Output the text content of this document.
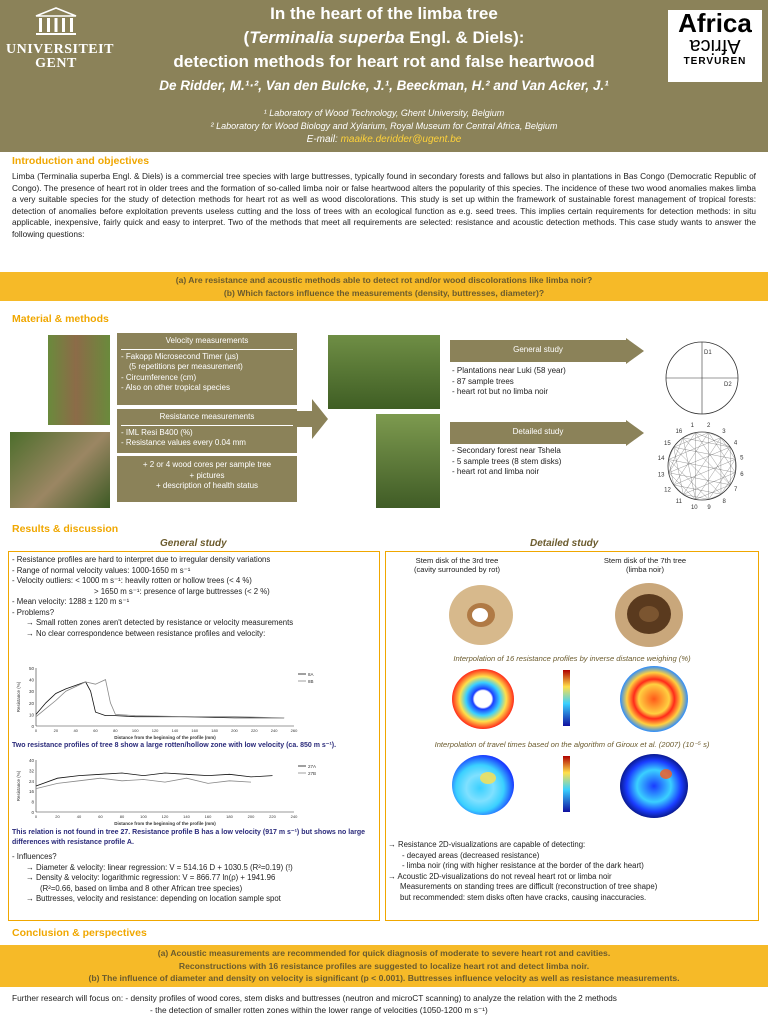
UNIVERSITEIT
GENT
Africa
Africa
TERVUREN
In the heart of the limba tree
(Terminalia superba Engl. & Diels):
detection methods for heart rot and false heartwood
De Ridder, M.¹·², Van den Bulcke, J.¹, Beeckman, H.² and Van Acker, J.¹
¹ Laboratory of Wood Technology, Ghent University, Belgium
² Laboratory for Wood Biology and Xylarium, Royal Museum for Central Africa, Belgium
E-mail: maaike.deridder@ugent.be
Introduction and objectives
Limba (Terminalia superba Engl. & Diels) is a commercial tree species with large buttresses, typically found in secondary forests and fallows but also in plantations in Bas Congo (Democratic Republic of Congo). The presence of heart rot in older trees and the formation of so-called limba noir or false heartwood alters the popularity of this species. The incidence of these two wood anomalies makes limba a very suitable species for the study of detection methods for heart rot as well as wood discolorations. This study is set up within the framework of sustainable forest management of tropical forests: detection of anomalies before exploitation prevents useless cutting and the loss of trees with an ecological function as e.g. seed trees. This implies certain requirements for detection methods: in situ applicable, inexpensive, fairly quick and easy to interpret. Two of the methods that meet all requirements are selected: resistance and acoustic detection methods. This case study wants to answer the following questions:
(a) Are resistance and acoustic methods able to detect rot and/or wood discolorations like limba noir?
(b) Which factors influence the measurements (density, buttresses, diameter)?
Material & methods
Velocity measurements
- Fakopp Microsecond Timer (µs)
(5 repetitions per measurement)
- Circumference (cm)
- Also on other tropical species
Resistance measurements
- IML Resi B400 (%)
- Resistance values every 0.04 mm
+ 2 or 4 wood cores per sample tree
+ pictures
+ description of health status
General study
- Plantations near Luki (58 year)
- 87 sample trees
- heart rot but no limba noir
Detailed study
- Secondary forest near Tshela
- 5 sample trees (8 stem disks)
- heart rot and limba noir
D1
D2
1 2
3
4
5
6
7
8
9
10
11
12
13
14
15
16
Results & discussion
General study	Detailed study
- Resistance profiles are hard to interpret due to irregular density variations
- Range of normal velocity values: 1000-1650 m s⁻¹
- Velocity outliers: < 1000 m s⁻¹: heavily rotten or hollow trees (< 4 %)
> 1650 m s⁻¹: presence of large buttresses (< 2 %)
- Mean velocity: 1288 ± 120 m s⁻¹
- Problems?
→ Small rotten zones aren't detected by resistance or velocity measurements
→ No clear correspondence between resistance profiles and velocity:
0
10
20
30
40
50
0	20	40	60	80	100	120	140	160	180	200	220	240	260
Resistance (%)
Distance from the beginning of the profile (mm)
8A
8B
Two resistance profiles of tree 8 show a large rotten/hollow zone with low velocity (ca. 850 m s⁻¹).
0
8
16
24
32
40
0	20	40	60	80	100	120	140	160	180	200	220	240
Resistance (%)
Distance from the beginning of the profile (mm)
27A
27B
This relation is not found in tree 27. Resistance profile B has a low velocity (917 m s⁻¹) but shows no large differences with resistance profile A.
- Influences?
→ Diameter & velocity: linear regression: V = 514.16 D + 1030.5 (R²=0.19) (!)
→ Density & velocity: logarithmic regression: V = 866.77 ln(ρ) + 1941.96
(R²=0.66, based on limba and 8 other African tree species)
→ Buttresses, velocity and resistance: depending on location sample spot
Stem disk of the 3rd tree
(cavity surrounded by rot)
Stem disk of the 7th tree
(limba noir)
Interpolation of 16 resistance profiles by inverse distance weighing (%)
Interpolation of travel times based on the algorithm of Giroux et al. (2007) (10⁻⁵ s)
→ Resistance 2D-visualizations are capable of detecting:
- decayed areas (decreased resistance)
- limba noir (ring with higher resistance at the border of the dark heart)
→ Acoustic 2D-visualizations do not reveal heart rot or limba noir
Measurements on standing trees are difficult (reconstruction of tree shape)
but recommended: stem disks often have cracks, causing inaccuracies.
Conclusion & perspectives
(a) Acoustic measurements are recommended for quick diagnosis of moderate to severe heart rot and cavities.
Reconstructions with 16 resistance profiles are suggested to localize heart rot and detect limba noir.
(b) The influence of diameter and density on velocity is significant (p < 0.001). Buttresses influence velocity as well as resistance measurements.
Further research will focus on: - density profiles of wood cores, stem disks and buttresses (neutron and microCT scanning) to analyze the relation with the 2 methods
- the detection of smaller rotten zones within the lower range of velocities (1050-1200 m s⁻¹)
